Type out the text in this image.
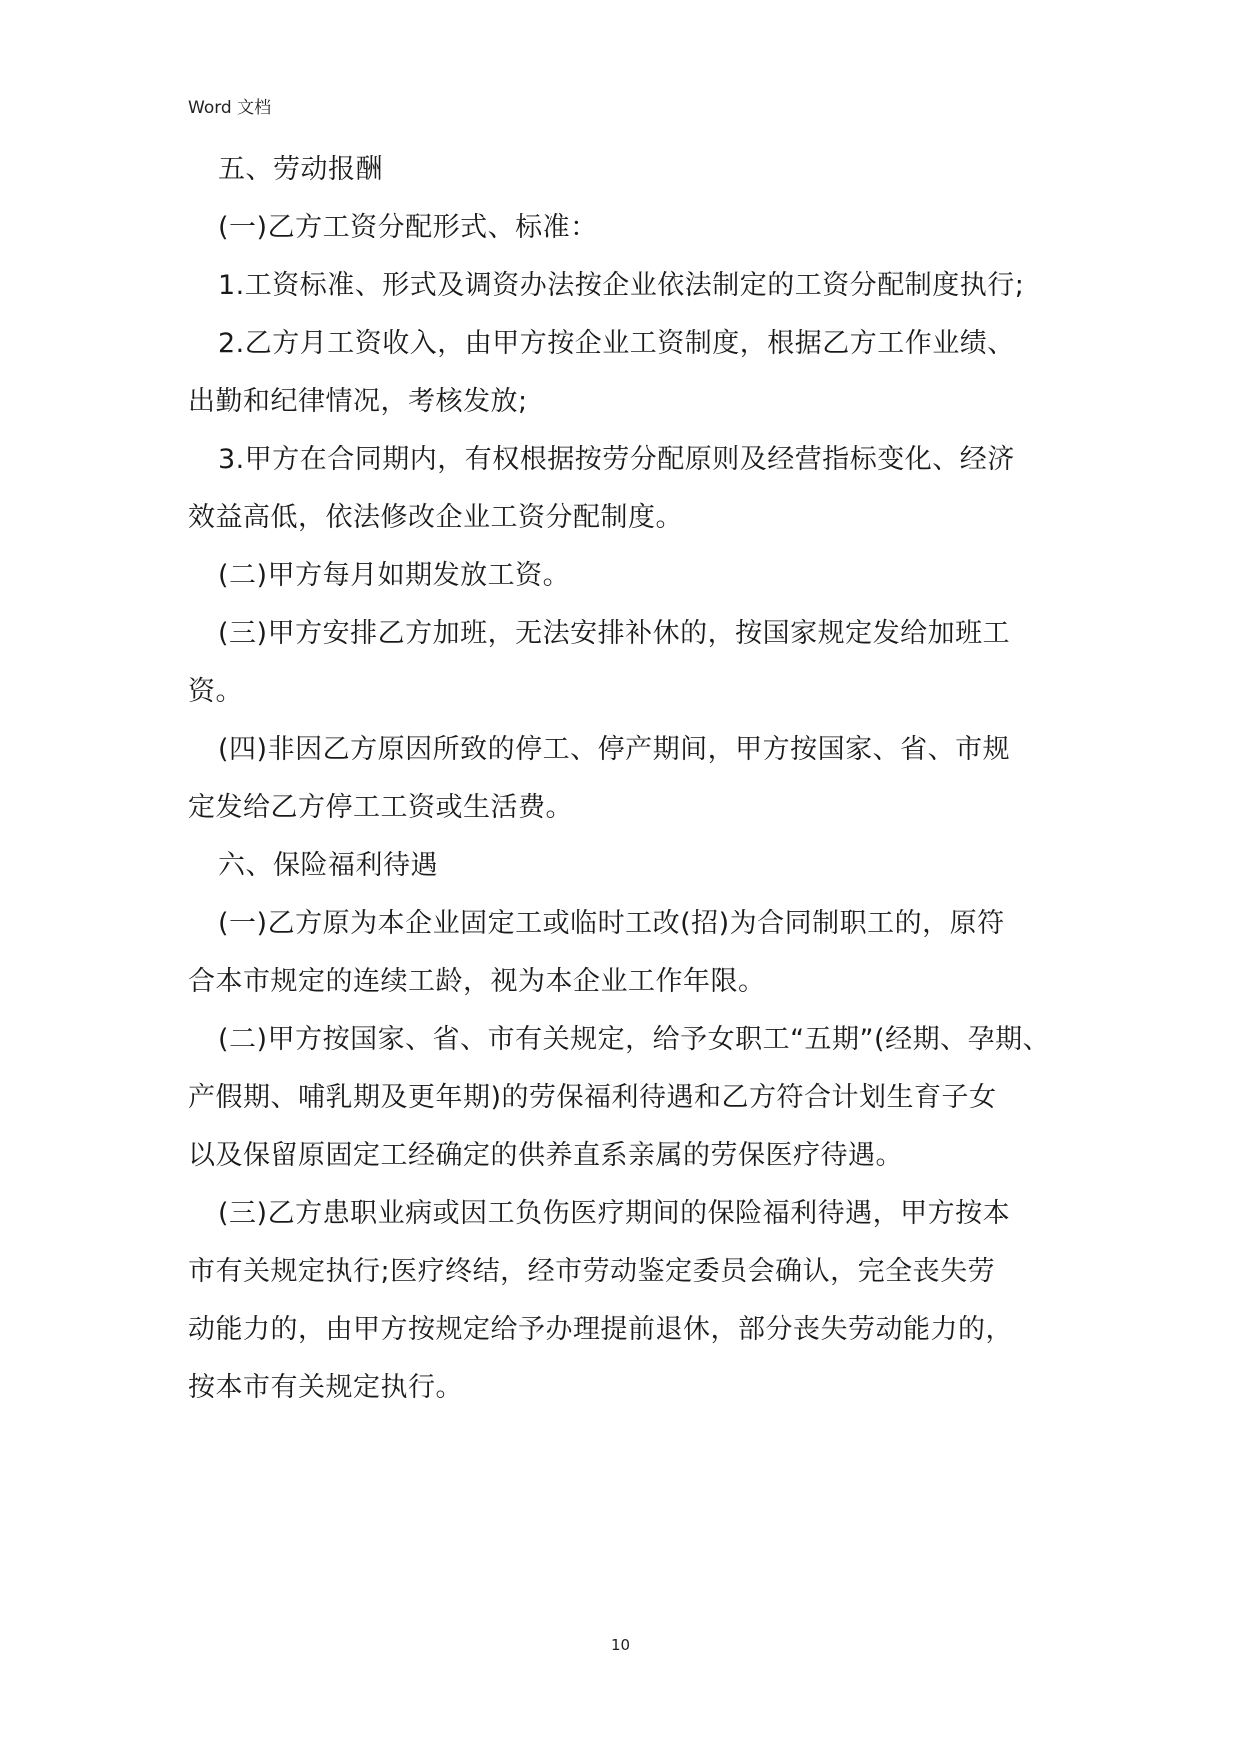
Word 文档
五、劳动报酬
(一)乙方工资分配形式、标准：
1.工资标准、形式及调资办法按企业依法制定的工资分配制度执行;
2.乙方月工资收入，由甲方按企业工资制度，根据乙方工作业绩、
出勤和纪律情况，考核发放;
3.甲方在合同期内，有权根据按劳分配原则及经营指标变化、经济
效益高低，依法修改企业工资分配制度。
(二)甲方每月如期发放工资。
(三)甲方安排乙方加班，无法安排补休的，按国家规定发给加班工
资。
(四)非因乙方原因所致的停工、停产期间，甲方按国家、省、市规
定发给乙方停工工资或生活费。
六、保险福利待遇
(一)乙方原为本企业固定工或临时工改(招)为合同制职工的，原符
合本市规定的连续工龄，视为本企业工作年限。
(二)甲方按国家、省、市有关规定，给予女职工“五期”(经期、孕期、
产假期、哺乳期及更年期)的劳保福利待遇和乙方符合计划生育子女
以及保留原固定工经确定的供养直系亲属的劳保医疗待遇。
(三)乙方患职业病或因工负伤医疗期间的保险福利待遇，甲方按本
市有关规定执行;医疗终结，经市劳动鉴定委员会确认，完全丧失劳
动能力的，由甲方按规定给予办理提前退休，部分丧失劳动能力的，
按本市有关规定执行。
10
